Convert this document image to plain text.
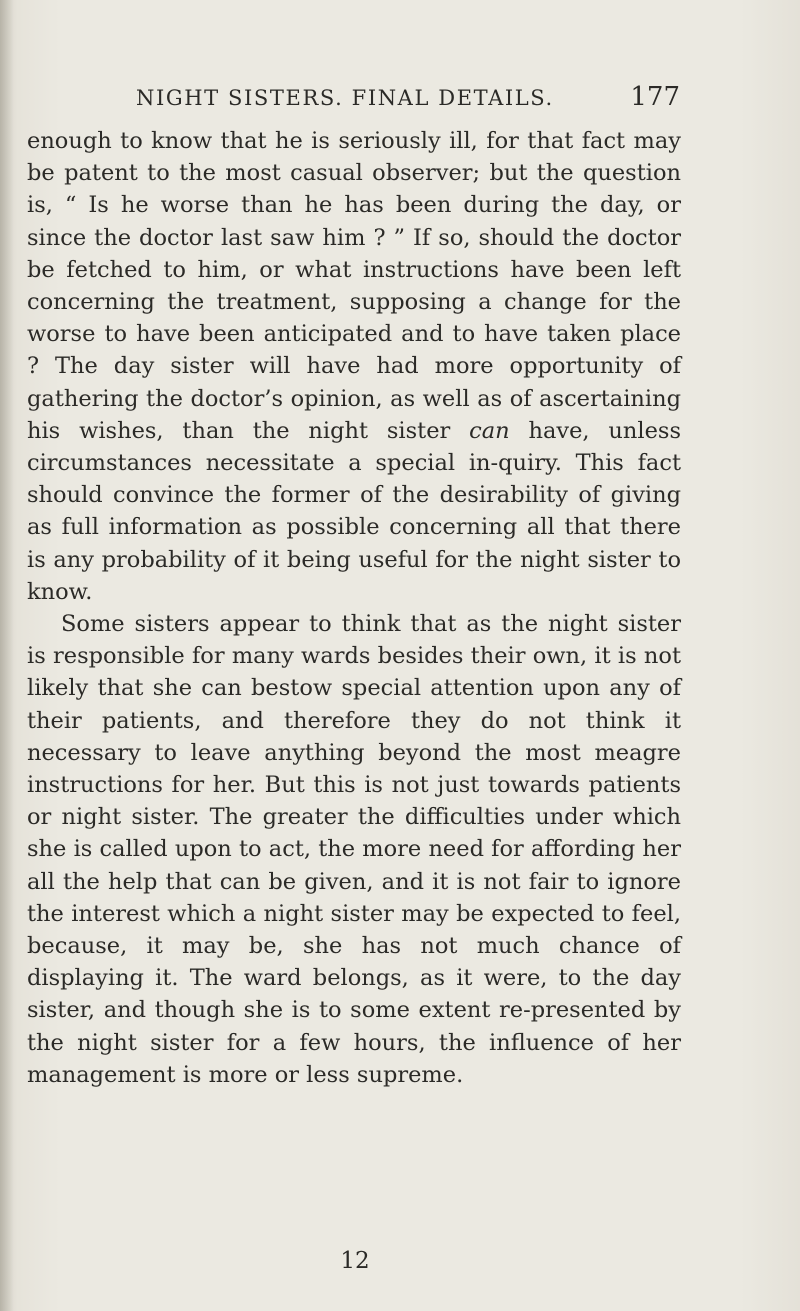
NIGHT SISTERS. FINAL DETAILS.	177

enough to know that he is seriously ill, for that fact may be patent to the most casual observer; but the question is, “ Is he worse than he has been during the day, or since the doctor last saw him ? ” If so, should the doctor be fetched to him, or what instructions have been left concerning the treatment, supposing a change for the worse to have been anticipated and to have taken place ? The day sister will have had more opportunity of gathering the doctor’s opinion, as well as of ascertaining his wishes, than the night sister can have, unless circumstances necessitate a special in-quiry. This fact should convince the former of the desirability of giving as full information as possible concerning all that there is any probability of it being useful for the night sister to know.

Some sisters appear to think that as the night sister is responsible for many wards besides their own, it is not likely that she can bestow special attention upon any of their patients, and therefore they do not think it necessary to leave anything beyond the most meagre instructions for her. But this is not just towards patients or night sister. The greater the difficulties under which she is called upon to act, the more need for affording her all the help that can be given, and it is not fair to ignore the interest which a night sister may be expected to feel, because, it may be, she has not much chance of displaying it. The ward belongs, as it were, to the day sister, and though she is to some extent re-presented by the night sister for a few hours, the influence of her management is more or less supreme.

12
